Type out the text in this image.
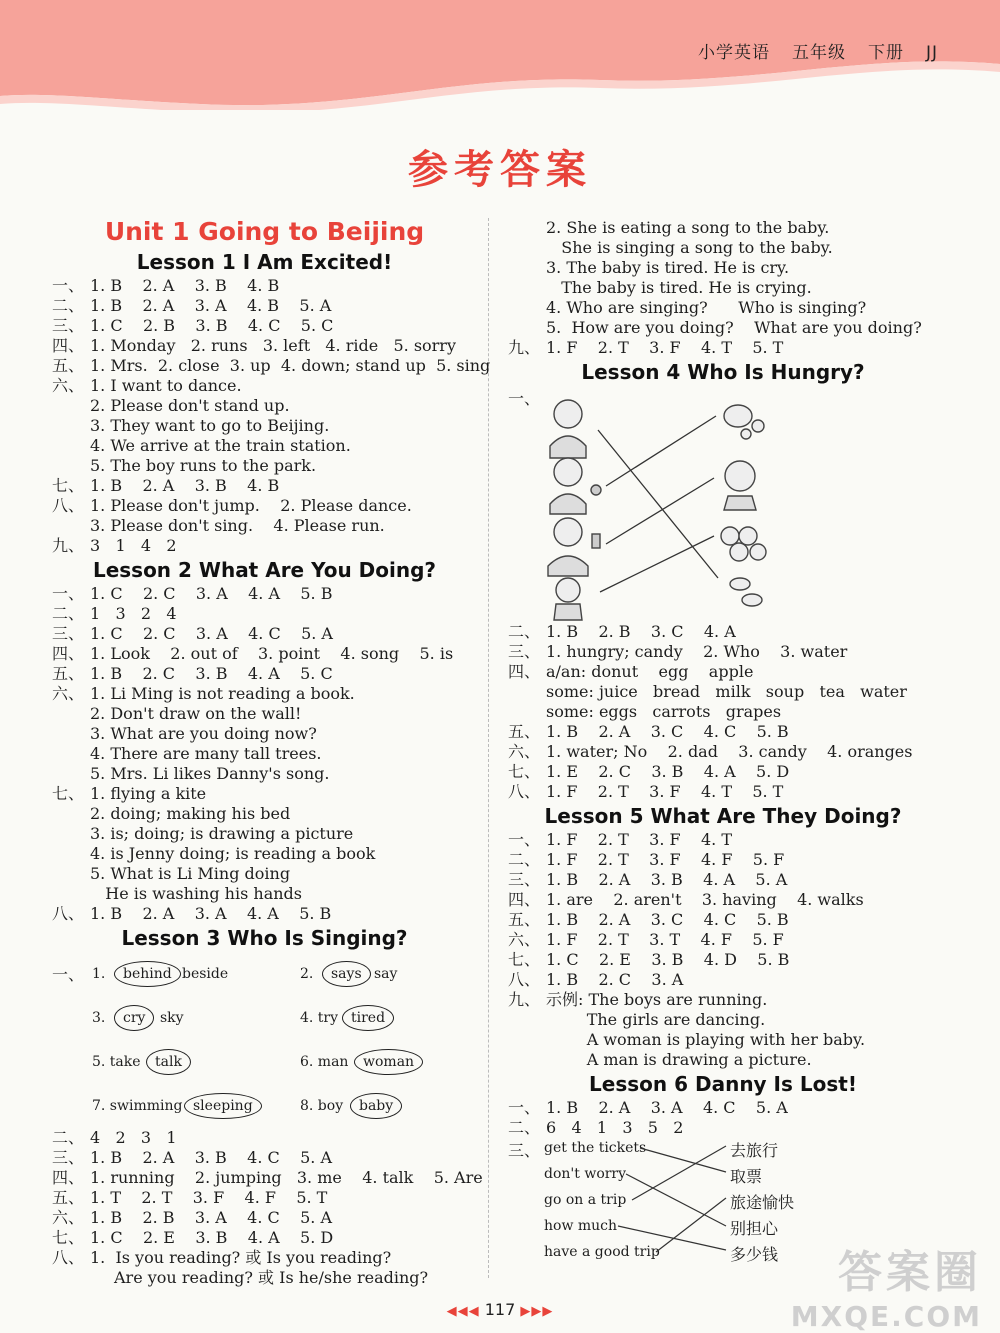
小学英语 五年级 下册 JJ
参考答案
Unit 1 Going to Beijing
Lesson 1 I Am Excited!
一、 1. B    2. A    3. B    4. B
二、 1. B    2. A    3. A    4. B    5. A
三、 1. C    2. B    3. B    4. C    5. C
四、 1. Monday   2. runs   3. left   4. ride   5. sorry
五、 1. Mrs.  2. close  3. up  4. down; stand up  5. sing
六、 1. I want to dance.
2. Please don't stand up.
3. They want to go to Beijing.
4. We arrive at the train station.
5. The boy runs to the park.
七、 1. B    2. A    3. B    4. B
八、 1. Please don't jump.    2. Please dance.
3. Please don't sing.    4. Please run.
九、 3   1   4   2
Lesson 2 What Are You Doing?
一、 1. C    2. C    3. A    4. A    5. B
二、 1   3   2   4
三、 1. C    2. C    3. A    4. C    5. A
四、 1. Look    2. out of    3. point    4. song    5. is
五、 1. B    2. C    3. B    4. A    5. C
六、 1. Li Ming is not reading a book.
2. Don't draw on the wall!
3. What are you doing now?
4. There are many tall trees.
5. Mrs. Li likes Danny's song.
七、 1. flying a kite
2. doing; making his bed
3. is; doing; is drawing a picture
4. is Jenny doing; is reading a book
5. What is Li Ming doing
He is washing his hands
八、 1. B    2. A    3. A    4. A    5. B
Lesson 3 Who Is Singing?
一、 1.	behind beside	2.	says say
3.	cry	sky	4. try tired
5. take	talk	6. man	woman
7. swimming sleeping	8. boy	baby
二、 4   2   3   1
三、 1. B    2. A    3. B    4. C    5. A
四、 1. running    2. jumping   3. me    4. talk    5. Are
五、 1. T    2. T    3. F    4. F    5. T
六、 1. B    2. B    3. A    4. C    5. A
七、 1. C    2. E    3. B    4. A    5. D
八、 1.  Is you reading? 或 Is you reading?
Are you reading? 或 Is he/she reading?
2. She is eating a song to the baby.
She is singing a song to the baby.
3. The baby is tired. He is cry.
The baby is tired. He is crying.
4. Who are singing?      Who is singing?
5.  How are you doing?    What are you doing?
九、 1. F    2. T    3. F    4. T    5. T
Lesson 4 Who Is Hungry?
一、
二、 1. B    2. B    3. C    4. A
三、 1. hungry; candy    2. Who    3. water
四、 a/an: donut    egg    apple
some: juice   bread   milk   soup   tea   water
some: eggs   carrots   grapes
五、 1. B    2. A    3. C    4. C    5. B
六、 1. water; No    2. dad    3. candy    4. oranges
七、 1. E    2. C    3. B    4. A    5. D
八、 1. F    2. T    3. F    4. T    5. T
Lesson 5 What Are They Doing?
一、 1. F    2. T    3. F    4. T
二、 1. F    2. T    3. F    4. F    5. F
三、 1. B    2. A    3. B    4. A    5. A
四、 1. are    2. aren't    3. having    4. walks
五、 1. B    2. A    3. C    4. C    5. B
六、 1. F    2. T    3. T    4. F    5. F
七、 1. C    2. E    3. B    4. D    5. B
八、 1. B    2. C    3. A
九、 示例: The boys are running.
The girls are dancing.
A woman is playing with her baby.
A man is drawing a picture.
Lesson 6 Danny Is Lost!
一、 1. B    2. A    3. A    4. C    5. A
二、 6   4   1   3   5   2
三、 get the tickets
don't worry
go on a trip
how much
have a good trip
去旅行
取票
旅途愉快
别担心
多少钱
◀◀◀ 117 ▶▶▶
答案圈
MXQE.COM
